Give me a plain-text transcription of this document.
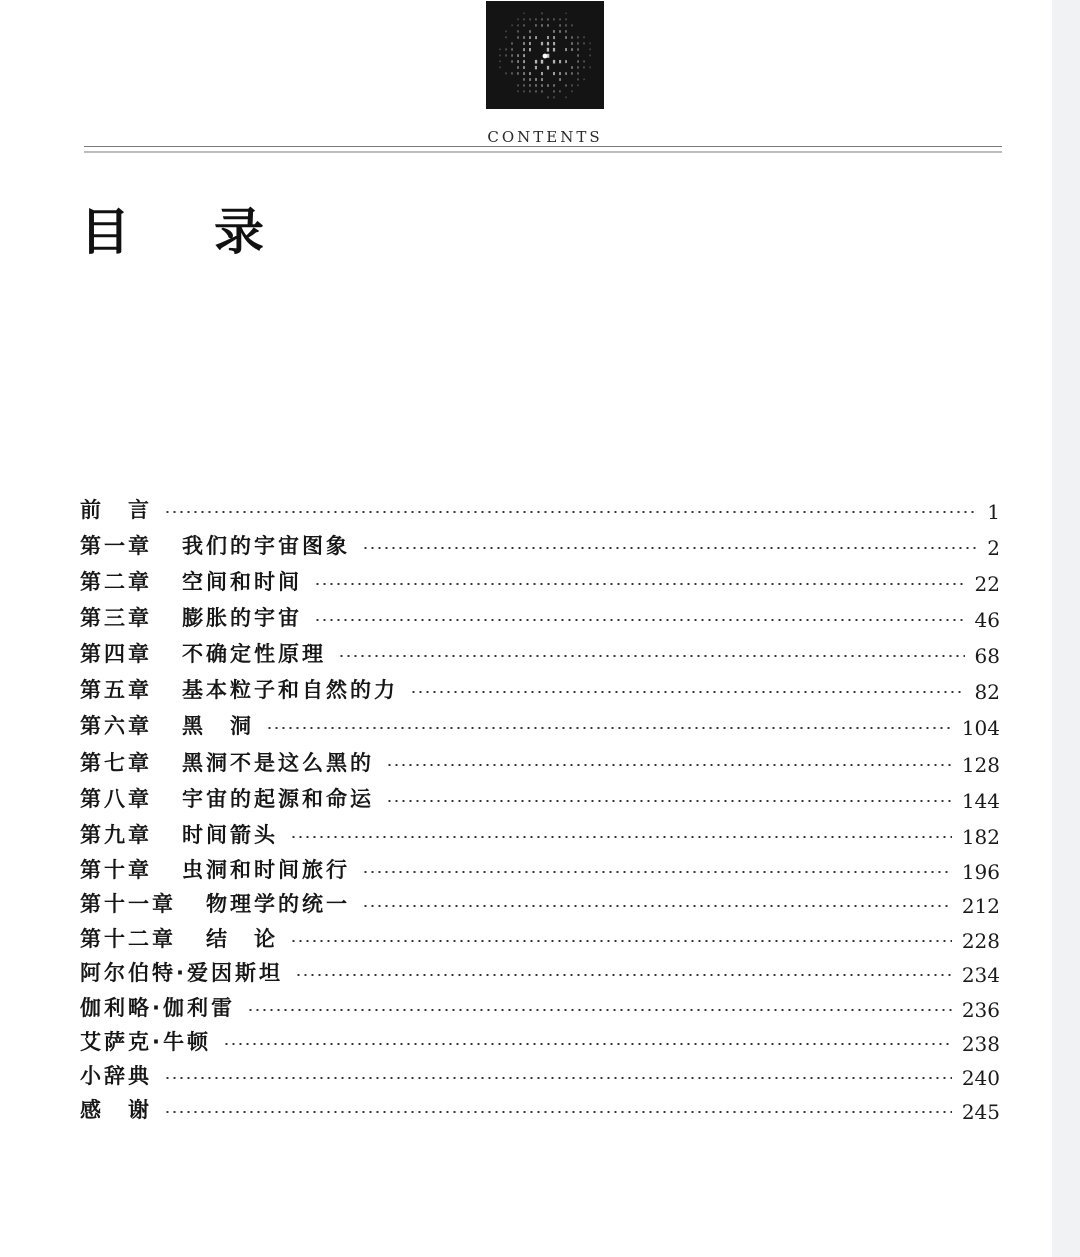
CONTENTS
目 录
前　言	1
第一章 我们的宇宙图象	2
第二章 空间和时间	22
第三章 膨胀的宇宙	46
第四章 不确定性原理	68
第五章 基本粒子和自然的力	82
第六章 黑　洞	104
第七章 黑洞不是这么黑的	128
第八章 宇宙的起源和命运	144
第九章 时间箭头	182
第十章 虫洞和时间旅行	196
第十一章 物理学的统一	212
第十二章 结　论	228
阿尔伯特·爱因斯坦	234
伽利略·伽利雷	236
艾萨克·牛顿	238
小辞典	240
感　谢	245
